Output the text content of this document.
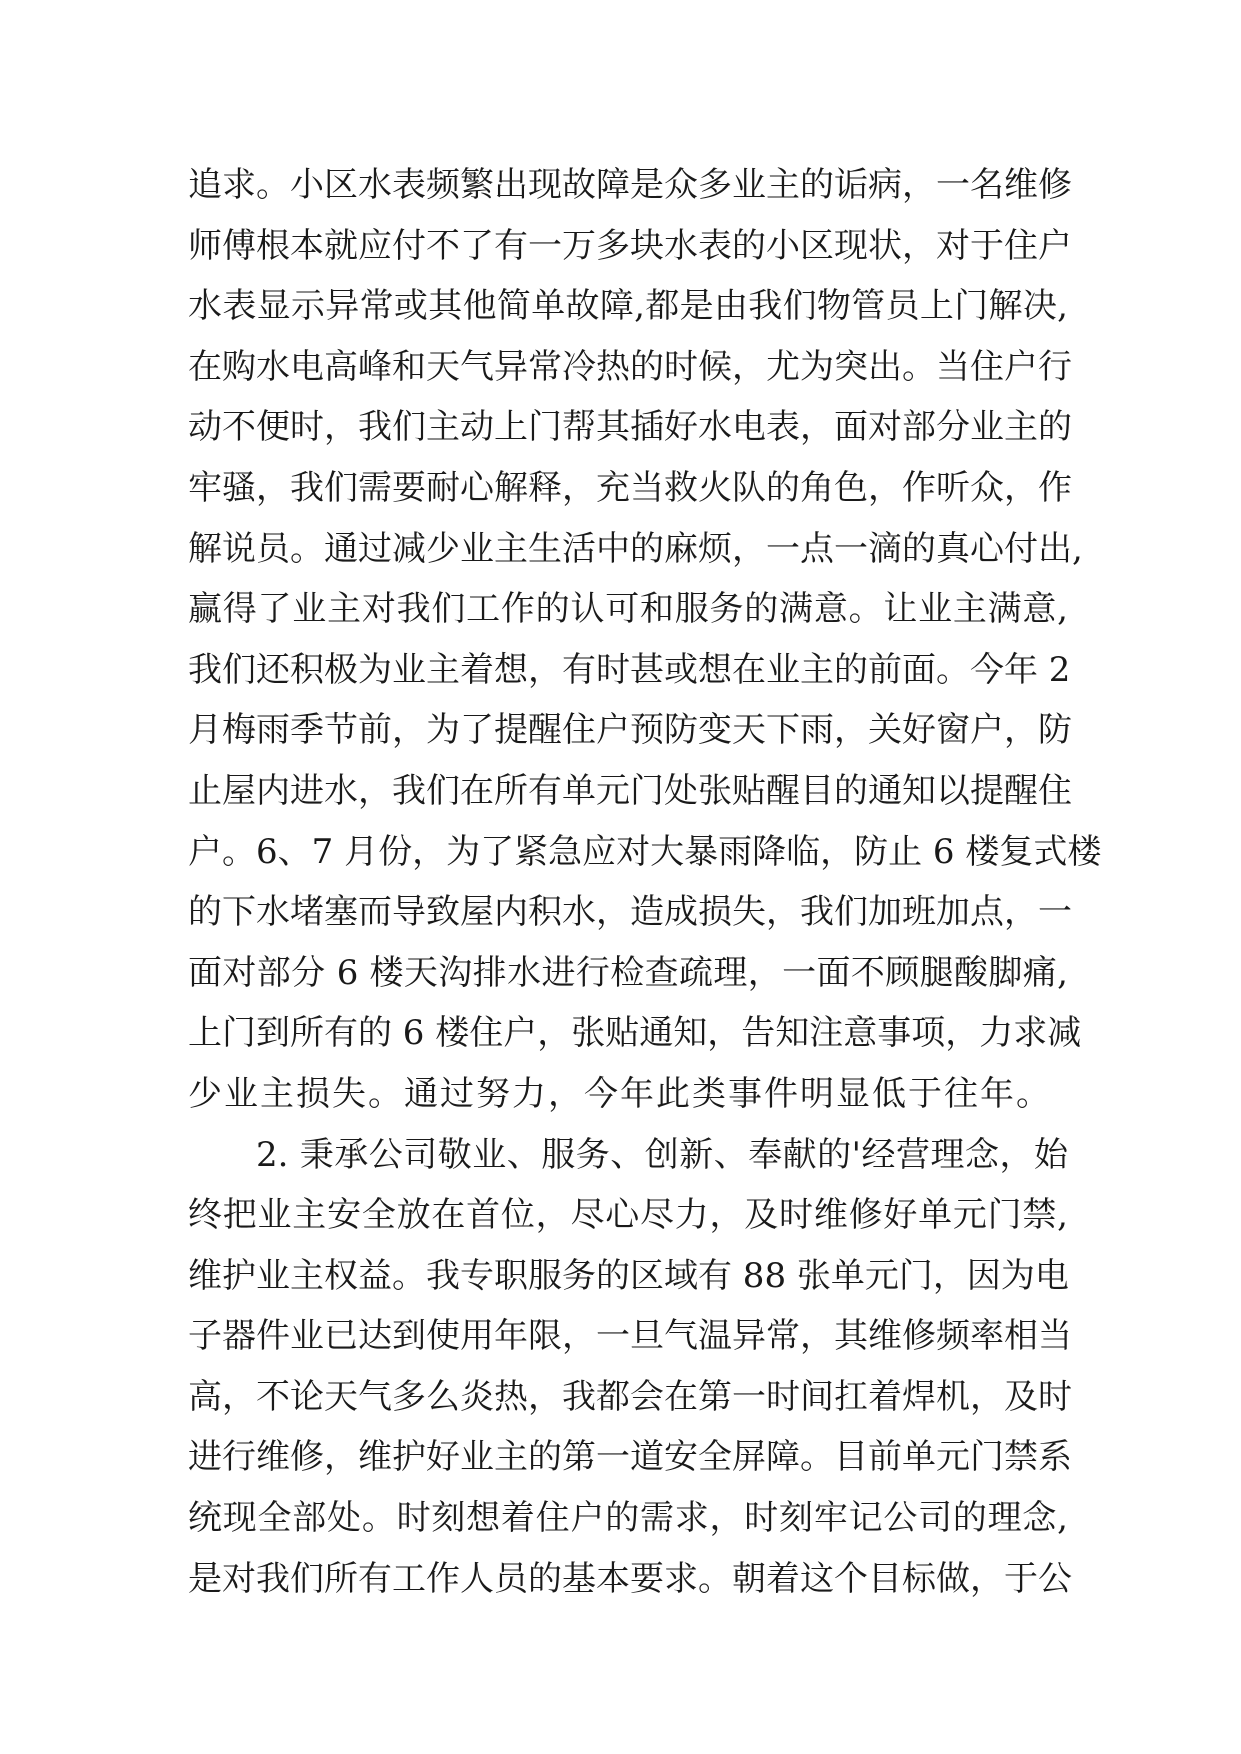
追求。小区水表频繁出现故障是众多业主的诟病，一名维修
师傅根本就应付不了有一万多块水表的小区现状，对于住户
水表显示异常或其他简单故障,都是由我们物管员上门解决,
在购水电高峰和天气异常冷热的时候，尤为突出。当住户行
动不便时，我们主动上门帮其插好水电表，面对部分业主的
牢骚，我们需要耐心解释，充当救火队的角色，作听众，作
解说员。通过减少业主生活中的麻烦，一点一滴的真心付出,
赢得了业主对我们工作的认可和服务的满意。让业主满意,
我们还积极为业主着想，有时甚或想在业主的前面。今年 2
月梅雨季节前，为了提醒住户预防变天下雨，关好窗户，防
止屋内进水，我们在所有单元门处张贴醒目的通知以提醒住
户。6、7 月份，为了紧急应对大暴雨降临，防止 6 楼复式楼
的下水堵塞而导致屋内积水，造成损失，我们加班加点，一
面对部分 6 楼天沟排水进行检查疏理，一面不顾腿酸脚痛,
上门到所有的 6 楼住户，张贴通知，告知注意事项，力求减
少业主损失。通过努力，今年此类事件明显低于往年。
2. 秉承公司敬业、服务、创新、奉献的'经营理念，始
终把业主安全放在首位，尽心尽力，及时维修好单元门禁,
维护业主权益。我专职服务的区域有 88 张单元门，因为电
子器件业已达到使用年限，一旦气温异常，其维修频率相当
高，不论天气多么炎热，我都会在第一时间扛着焊机，及时
进行维修，维护好业主的第一道安全屏障。目前单元门禁系
统现全部处。时刻想着住户的需求，时刻牢记公司的理念,
是对我们所有工作人员的基本要求。朝着这个目标做，于公
